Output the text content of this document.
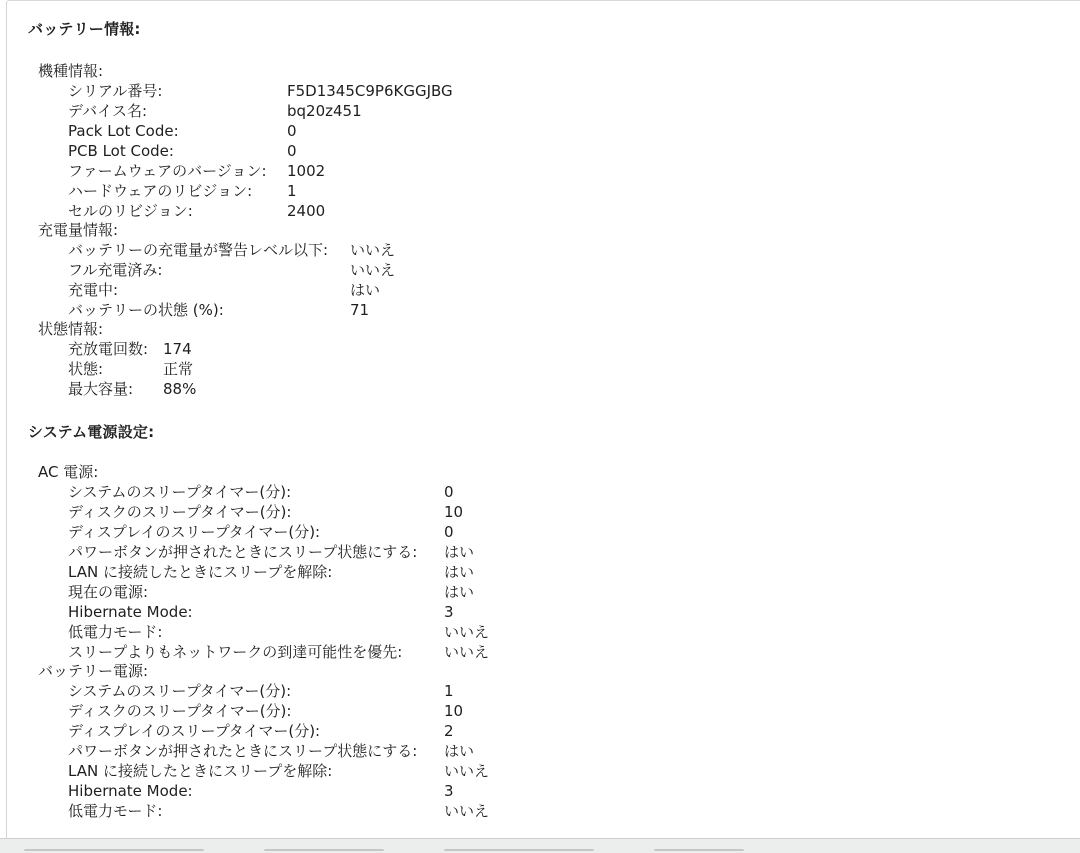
バッテリー情報:
機種情報:
シリアル番号:	F5D1345C9P6KGGJBG
デバイス名:	bq20z451
Pack Lot Code:	0
PCB Lot Code:	0
ファームウェアのバージョン: 1002
ハードウェアのリビジョン: 1
セルのリビジョン:	2400
充電量情報:
バッテリーの充電量が警告レベル以下: いいえ
フル充電済み:	いいえ
充電中:	はい
バッテリーの状態 (%):	71
状態情報:
充放電回数: 174
状態:	正常
最大容量: 88%
システム電源設定:
AC 電源:
システムのスリープタイマー(分):	0
ディスクのスリープタイマー(分):	10
ディスプレイのスリープタイマー(分):	0
パワーボタンが押されたときにスリープ状態にする: はい
LAN に接続したときにスリープを解除:	はい
現在の電源:	はい
Hibernate Mode:	3
低電力モード:	いいえ
スリープよりもネットワークの到達可能性を優先:	いいえ
バッテリー電源:
システムのスリープタイマー(分):	1
ディスクのスリープタイマー(分):	10
ディスプレイのスリープタイマー(分):	2
パワーボタンが押されたときにスリープ状態にする: はい
LAN に接続したときにスリープを解除:	いいえ
Hibernate Mode:	3
低電力モード:	いいえ
